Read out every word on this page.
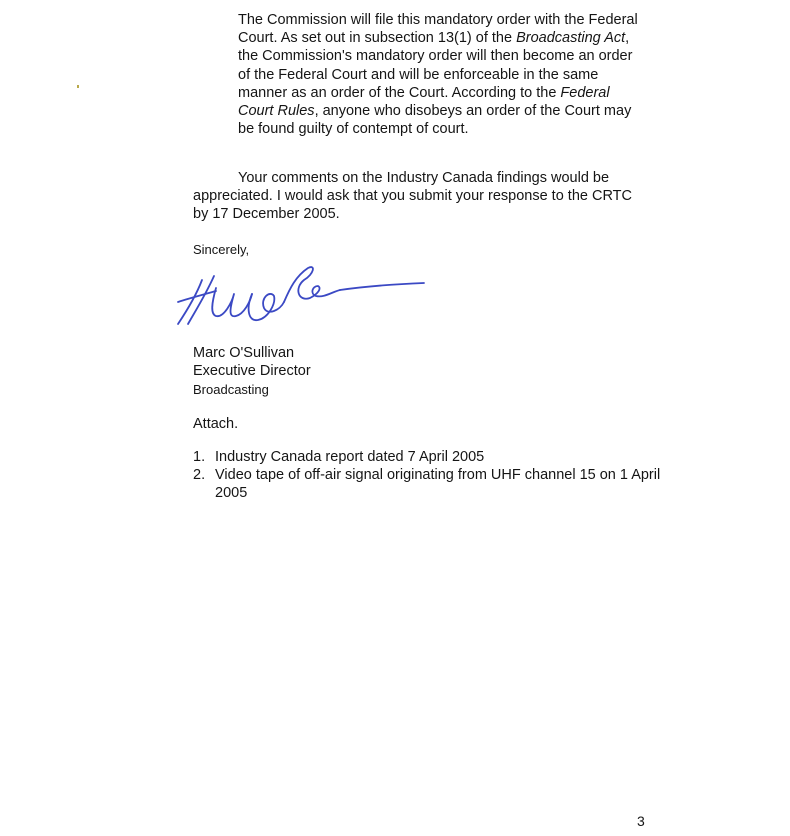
The Commission will file this mandatory order with the Federal Court. As set out in subsection 13(1) of the Broadcasting Act, the Commission's mandatory order will then become an order of the Federal Court and will be enforceable in the same manner as an order of the Court. According to the Federal Court Rules, anyone who disobeys an order of the Court may be found guilty of contempt of court.

Your comments on the Industry Canada findings would be appreciated. I would ask that you submit your response to the CRTC by 17 December 2005.

Sincerely,
Marc O'Sullivan
Executive Director
Broadcasting
Attach.
1. Industry Canada report dated 7 April 2005
2. Video tape of off-air signal originating from UHF channel 15 on 1 April 2005
3
